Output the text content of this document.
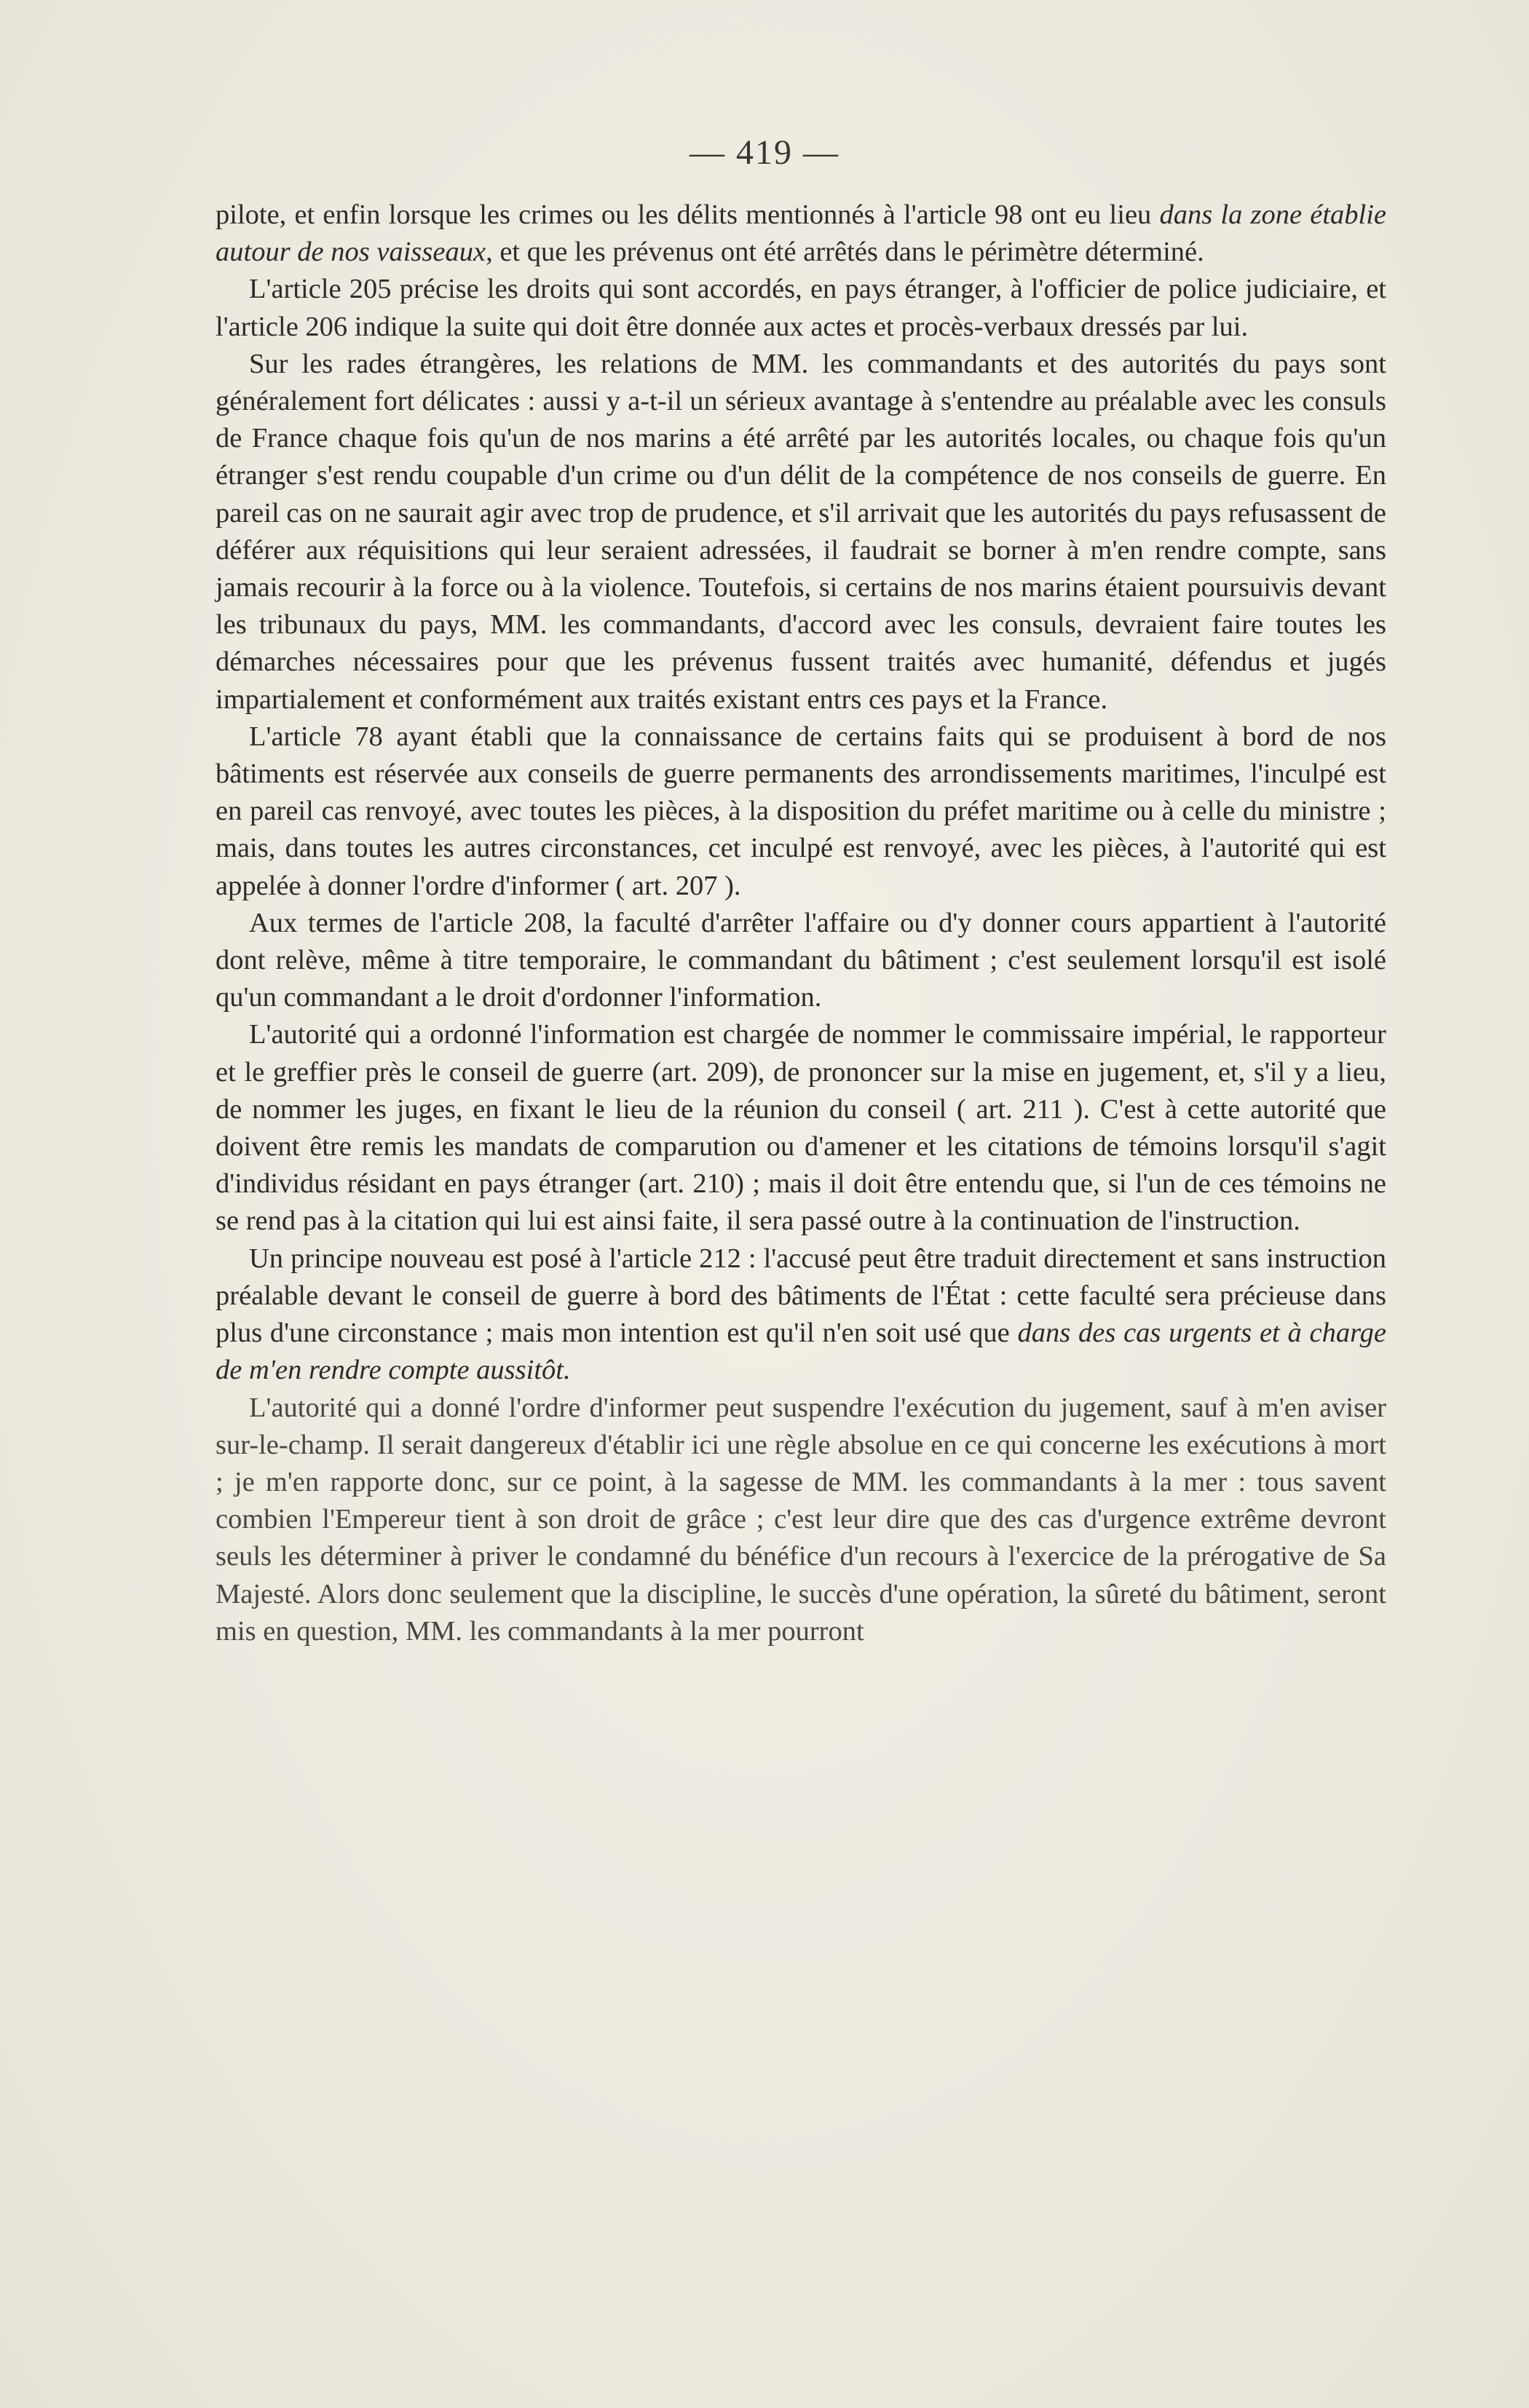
— 419 —

pilote, et enfin lorsque les crimes ou les délits mentionnés à l'article 98 ont eu lieu dans la zone établie autour de nos vaisseaux, et que les prévenus ont été arrêtés dans le périmètre déterminé.

L'article 205 précise les droits qui sont accordés, en pays étranger, à l'officier de police judiciaire, et l'article 206 indique la suite qui doit être donnée aux actes et procès-verbaux dressés par lui.

Sur les rades étrangères, les relations de MM. les commandants et des autorités du pays sont généralement fort délicates : aussi y a-t-il un sérieux avantage à s'entendre au préalable avec les consuls de France chaque fois qu'un de nos marins a été arrêté par les autorités locales, ou chaque fois qu'un étranger s'est rendu coupable d'un crime ou d'un délit de la compétence de nos conseils de guerre. En pareil cas on ne saurait agir avec trop de prudence, et s'il arrivait que les autorités du pays refusassent de déférer aux réquisitions qui leur seraient adressées, il faudrait se borner à m'en rendre compte, sans jamais recourir à la force ou à la violence. Toutefois, si certains de nos marins étaient poursuivis devant les tribunaux du pays, MM. les commandants, d'accord avec les consuls, devraient faire toutes les démarches nécessaires pour que les prévenus fussent traités avec humanité, défendus et jugés impartialement et conformément aux traités existant entrs ces pays et la France.

L'article 78 ayant établi que la connaissance de certains faits qui se produisent à bord de nos bâtiments est réservée aux conseils de guerre permanents des arrondissements maritimes, l'inculpé est en pareil cas renvoyé, avec toutes les pièces, à la disposition du préfet maritime ou à celle du ministre ; mais, dans toutes les autres circonstances, cet inculpé est renvoyé, avec les pièces, à l'autorité qui est appelée à donner l'ordre d'informer ( art. 207 ).

Aux termes de l'article 208, la faculté d'arrêter l'affaire ou d'y donner cours appartient à l'autorité dont relève, même à titre temporaire, le commandant du bâtiment ; c'est seulement lorsqu'il est isolé qu'un commandant a le droit d'ordonner l'information.

L'autorité qui a ordonné l'information est chargée de nommer le commissaire impérial, le rapporteur et le greffier près le conseil de guerre (art. 209), de prononcer sur la mise en jugement, et, s'il y a lieu, de nommer les juges, en fixant le lieu de la réunion du conseil ( art. 211 ). C'est à cette autorité que doivent être remis les mandats de comparution ou d'amener et les citations de témoins lorsqu'il s'agit d'individus résidant en pays étranger (art. 210) ; mais il doit être entendu que, si l'un de ces témoins ne se rend pas à la citation qui lui est ainsi faite, il sera passé outre à la continuation de l'instruction.

Un principe nouveau est posé à l'article 212 : l'accusé peut être traduit directement et sans instruction préalable devant le conseil de guerre à bord des bâtiments de l'État : cette faculté sera précieuse dans plus d'une circonstance ; mais mon intention est qu'il n'en soit usé que dans des cas urgents et à charge de m'en rendre compte aussitôt.

L'autorité qui a donné l'ordre d'informer peut suspendre l'exécution du jugement, sauf à m'en aviser sur-le-champ. Il serait dangereux d'établir ici une règle absolue en ce qui concerne les exécutions à mort ; je m'en rapporte donc, sur ce point, à la sagesse de MM. les commandants à la mer : tous savent combien l'Empereur tient à son droit de grâce ; c'est leur dire que des cas d'urgence extrême devront seuls les déterminer à priver le condamné du bénéfice d'un recours à l'exercice de la prérogative de Sa Majesté. Alors donc seulement que la discipline, le succès d'une opération, la sûreté du bâtiment, seront mis en question, MM. les commandants à la mer pourront
